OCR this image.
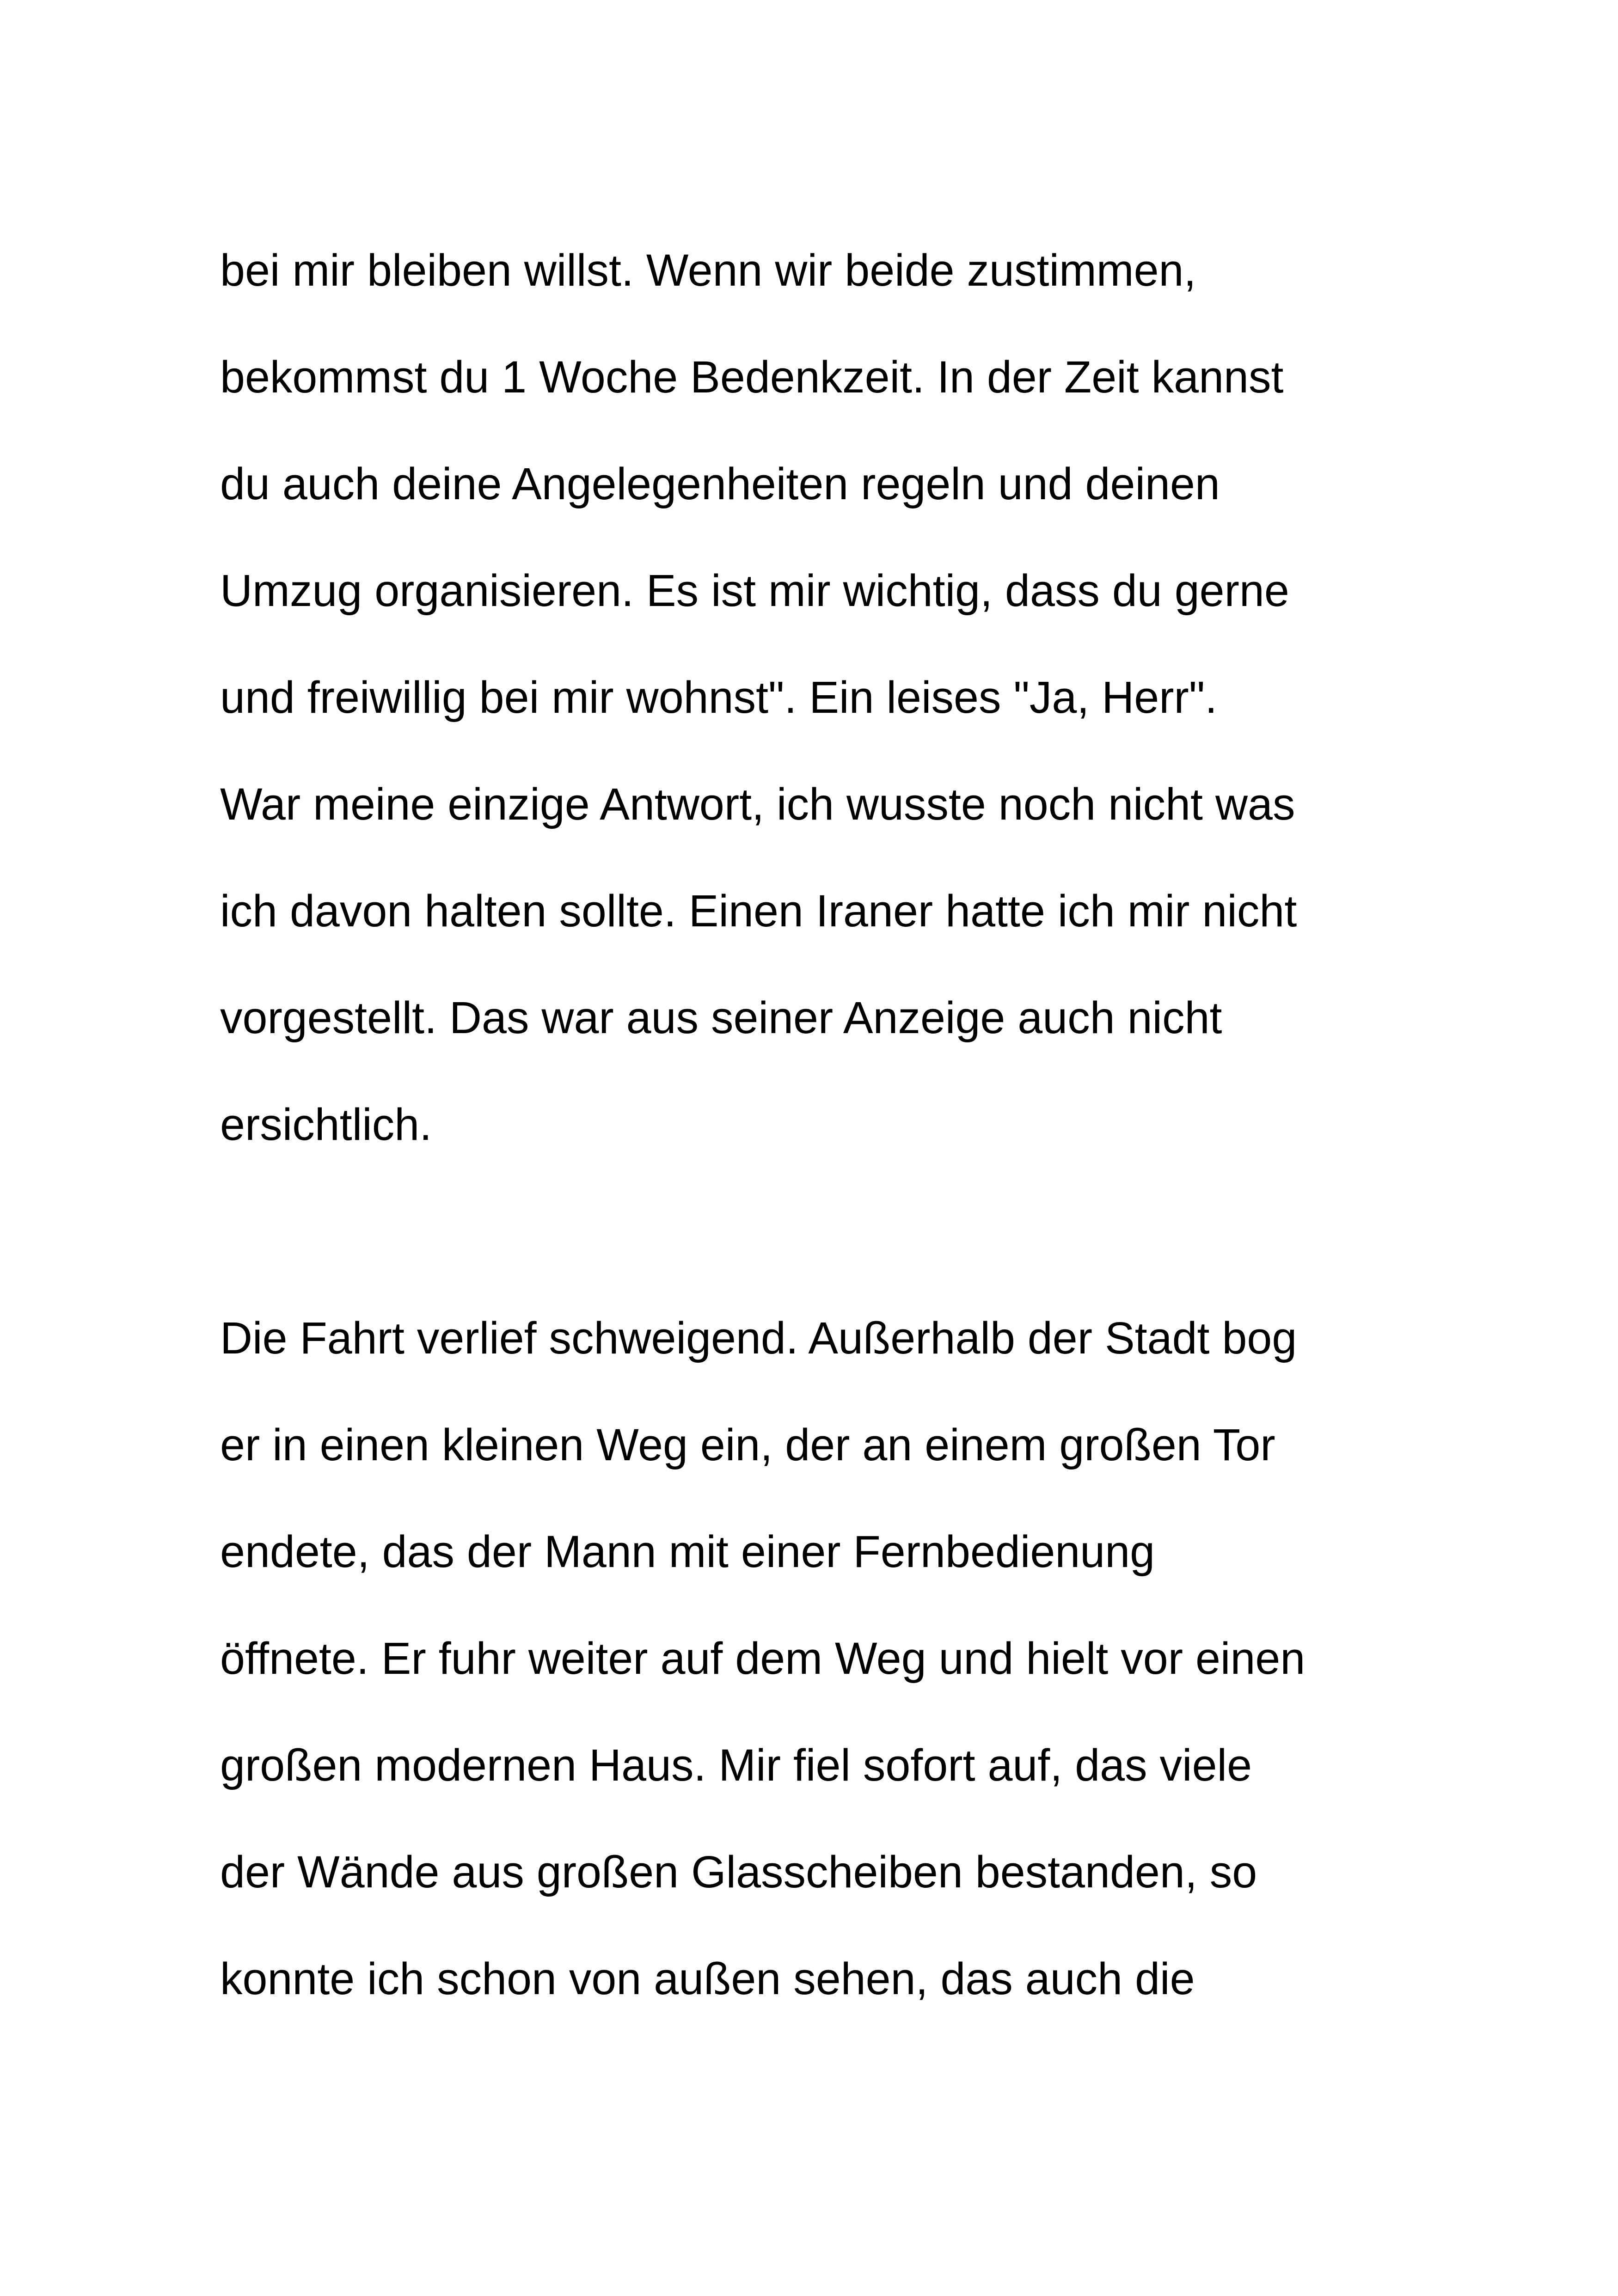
bei mir bleiben willst. Wenn wir beide zustimmen,
bekommst du 1 Woche Bedenkzeit. In der Zeit kannst
du auch deine Angelegenheiten regeln und deinen
Umzug organisieren. Es ist mir wichtig, dass du gerne
und freiwillig bei mir wohnst". Ein leises "Ja, Herr".
War meine einzige Antwort, ich wusste noch nicht was
ich davon halten sollte. Einen Iraner hatte ich mir nicht
vorgestellt. Das war aus seiner Anzeige auch nicht
ersichtlich.
Die Fahrt verlief schweigend. Außerhalb der Stadt bog
er in einen kleinen Weg ein, der an einem großen Tor
endete, das der Mann mit einer Fernbedienung
öffnete. Er fuhr weiter auf dem Weg und hielt vor einen
großen modernen Haus. Mir fiel sofort auf, das viele
der Wände aus großen Glasscheiben bestanden, so
konnte ich schon von außen sehen, das auch die
